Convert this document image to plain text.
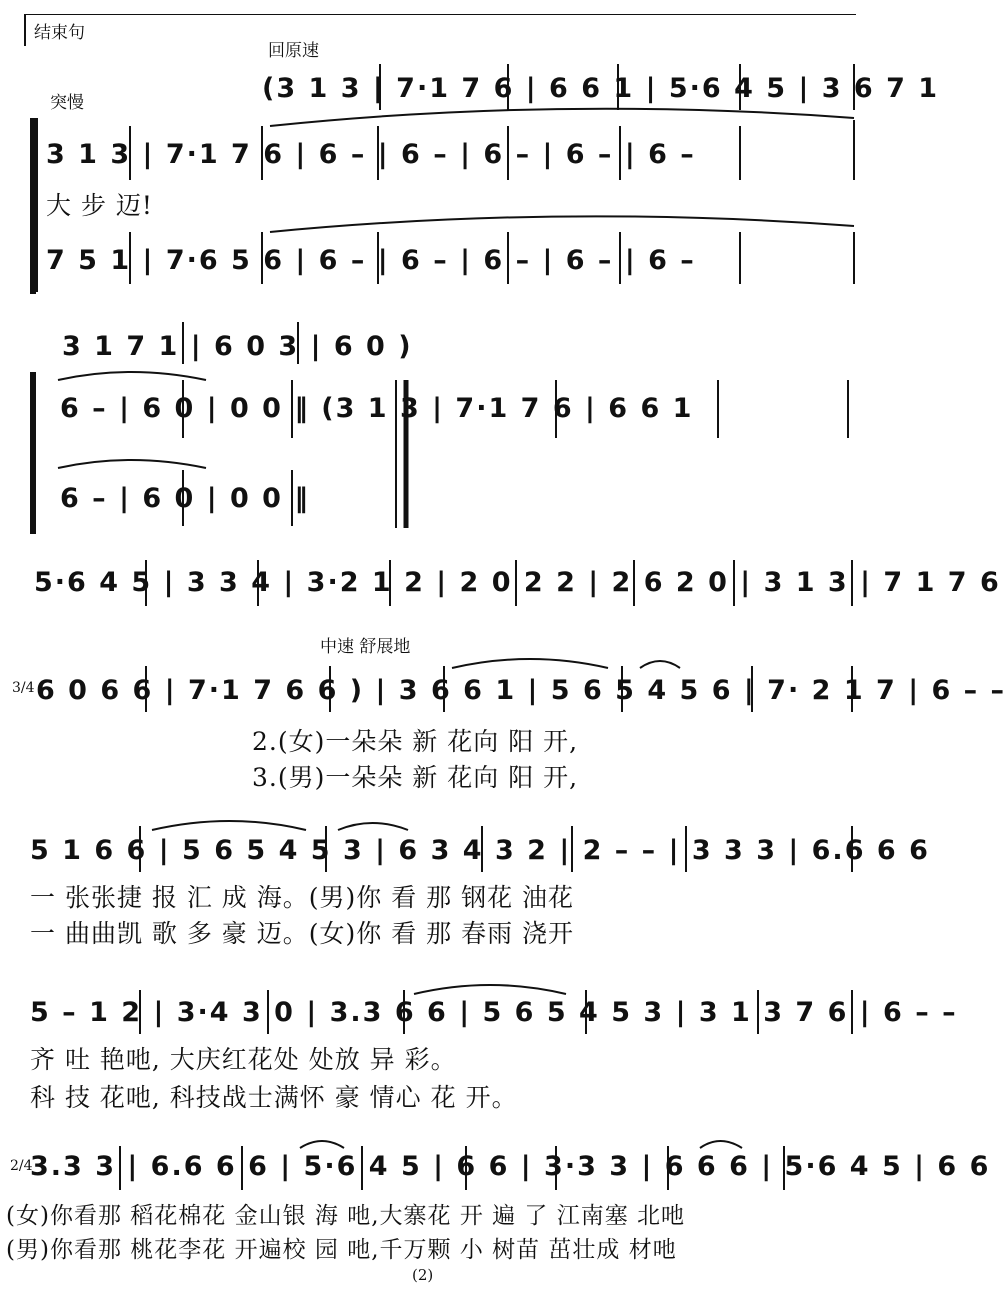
结束句
回原速
突慢	(3 1 3 | 7·1 7 6 | 6 6 1 | 5·6 4 5 | 3 6 7 1
3 1 3 | 7·1 7 6 | 6 – | 6 – | 6 – | 6 – | 6 –
大 步 迈!
7 5 1 | 7·6 5 6 | 6 – | 6 – | 6 – | 6 – | 6 –
3 1 7 1 | 6 0 3 | 6 0 )
6 – | 6 0 | 0 0 ‖ (3 1 3 | 7·1 7 6 | 6 6 1
6 – | 6 0 | 0 0 ‖
5·6 4 5 | 3 3 4 | 3·2 1 2 | 2 0 2 2 | 2 6 2 0 | 3 1 3 | 7 1 7 6
中速 舒展地
3/4 6 0 6 6 | 7·1 7 6 6 ) | 3 6 6 1 | 5 6 5 4 5 6 | 7· 2 1 7 | 6 – –
2.(女)一朵朵 新 花向 阳 开,
3.(男)一朵朵 新 花向 阳 开,
5 1 6 6 | 5 6 5 4 5 3 | 6 3 4 3 2 | 2 – – | 3 3 3 | 6.6 6 6
一 张张捷 报 汇 成 海。(男)你 看 那 钢花 油花
一 曲曲凯 歌 多 豪 迈。(女)你 看 那 春雨 浇开
5 – 1 2 | 3·4 3 0 | 3.3 6 6 | 5 6 5 4 5 3 | 3 1 3 7 6 | 6 – –
齐 吐 艳吔, 大庆红花处 处放 异 彩。
科 技 花吔, 科技战士满怀 豪 情心 花 开。
2/4
3.3 3 | 6.6 6 6 | 5·6 4 5 | 6 6 | 3·3 3 | 6 6 6 | 5·6 4 5 | 6 6
(女)你看那 稻花棉花 金山银 海 吔,大寨花 开 遍 了 江南塞 北吔
(男)你看那 桃花李花 开遍校 园 吔,千万颗 小 树苗 茁壮成 材吔
(2)
